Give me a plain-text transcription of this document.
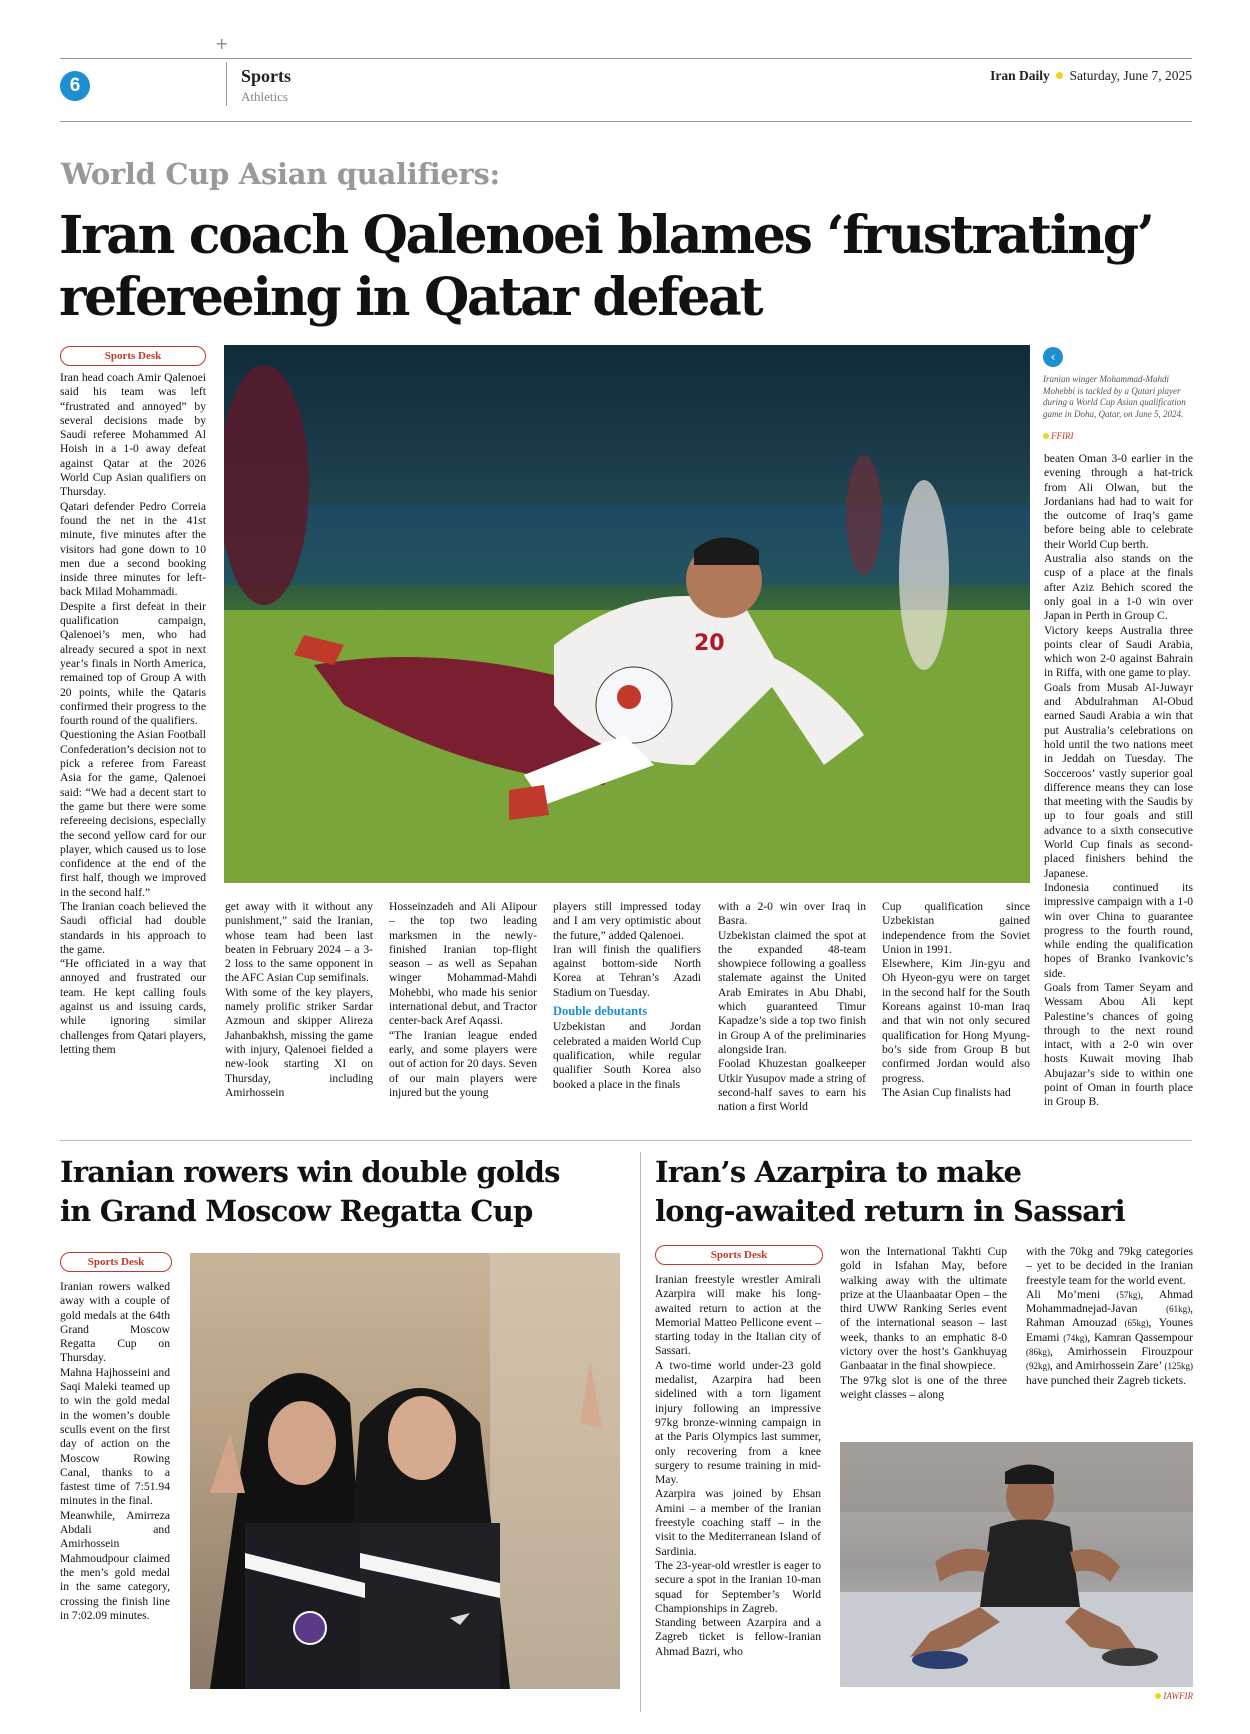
+
6	Sports
Athletics
Iran Daily Saturday, June 7, 2025
World Cup Asian qualifiers:
Iran coach Qalenoei blames ‘frustrating’
refereeing in Qatar defeat
Sports Desk

Iran head coach Amir Qalenoei said his team was left “frustrated and annoyed” by several decisions made by Saudi referee Mohammed Al Hoish in a 1-0 away defeat against Qatar at the 2026 World Cup Asian qualifiers on Thursday.

Qatari defender Pedro Correia found the net in the 41st minute, five minutes after the visitors had gone down to 10 men due a second booking inside three minutes for left-back Milad Mohammadi.

Despite a first defeat in their qualification campaign, Qalenoei’s men, who had already secured a spot in next year’s finals in North America, remained top of Group A with 20 points, while the Qataris confirmed their progress to the fourth round of the qualifiers.

Questioning the Asian Football Confederation’s decision not to pick a referee from Fareast Asia for the game, Qalenoei said: “We had a decent start to the game but there were some refereeing decisions, especially the second yellow card for our player, which caused us to lose confidence at the end of the first half, though we improved in the second half.”

The Iranian coach believed the Saudi official had double standards in his approach to the game.

“He officiated in a way that annoyed and frustrated our team. He kept calling fouls against us and issuing cards, while ignoring similar challenges from Qatari players, letting them

20
‹
Iranian winger Mohammad-Mahdi Mohebbi is tackled by a Qatari player during a World Cup Asian qualification game in Doha, Qatar, on June 5, 2024.
FFIRI

beaten Oman 3-0 earlier in the evening through a hat-trick from Ali Olwan, but the Jordanians had had to wait for the outcome of Iraq’s game before being able to celebrate their World Cup berth.

Australia also stands on the cusp of a place at the finals after Aziz Behich scored the only goal in a 1-0 win over Japan in Perth in Group C.

Victory keeps Australia three points clear of Saudi Arabia, which won 2-0 against Bahrain in Riffa, with one game to play.

Goals from Musab Al-Juwayr and Abdulrahman Al-Obud earned Saudi Arabia a win that put Australia’s celebrations on hold until the two nations meet in Jeddah on Tuesday. The Socceroos’ vastly superior goal difference means they can lose that meeting with the Saudis by up to four goals and still advance to a sixth consecutive World Cup finals as second-placed finishers behind the Japanese.

Indonesia continued its impressive campaign with a 1-0 win over China to guarantee progress to the fourth round, while ending the qualification hopes of Branko Ivankovic’s side.

Goals from Tamer Seyam and Wessam Abou Ali kept Palestine’s chances of going through to the next round intact, with a 2-0 win over hosts Kuwait moving Ihab Abujazar’s side to within one point of Oman in fourth place in Group B.

get away with it without any punishment,” said the Iranian, whose team had been last beaten in February 2024 – a 3-2 loss to the same opponent in the AFC Asian Cup semifinals.

With some of the key players, namely prolific striker Sardar Azmoun and skipper Alireza Jahanbakhsh, missing the game with injury, Qalenoei fielded a new-look starting XI on Thursday, including Amirhossein

Hosseinzadeh and Ali Alipour – the top two leading marksmen in the newly-finished Iranian top-flight season – as well as Sepahan winger Mohammad-Mahdi Mohebbi, who made his senior international debut, and Tractor center-back Aref Aqassi.

“The Iranian league ended early, and some players were out of action for 20 days. Seven of our main players were injured but the young

players still impressed today and I am very optimistic about the future,” added Qalenoei.

Iran will finish the qualifiers against bottom-side North Korea at Tehran’s Azadi Stadium on Tuesday.

Double debutants

Uzbekistan and Jordan celebrated a maiden World Cup qualification, while regular qualifier South Korea also booked a place in the finals

with a 2-0 win over Iraq in Basra.

Uzbekistan claimed the spot at the expanded 48-team showpiece following a goalless stalemate against the United Arab Emirates in Abu Dhabi, which guaranteed Timur Kapadze’s side a top two finish in Group A of the preliminaries alongside Iran.

Foolad Khuzestan goalkeeper Utkir Yusupov made a string of second-half saves to earn his nation a first World

Cup qualification since Uzbekistan gained independence from the Soviet Union in 1991.

Elsewhere, Kim Jin-gyu and Oh Hyeon-gyu were on target in the second half for the South Koreans against 10-man Iraq and that win not only secured qualification for Hong Myung-bo’s side from Group B but confirmed Jordan would also progress.

The Asian Cup finalists had

Iranian rowers win double golds
in Grand Moscow Regatta Cup
Sports Desk

Iranian rowers walked away with a couple of gold medals at the 64th Grand Moscow Regatta Cup on Thursday.

Mahna Hajhosseini and Saqi Maleki teamed up to win the gold medal in the women’s double sculls event on the first day of action on the Moscow Rowing Canal, thanks to a fastest time of 7:51.94 minutes in the final.

Meanwhile, Amirreza Abdali and Amirhossein Mahmoudpour claimed the men’s gold medal in the same category, crossing the finish line in 7:02.09 minutes.

Iran’s Azarpira to make
long-awaited return in Sassari
Sports Desk

Iranian freestyle wrestler Amirali Azarpira will make his long-awaited return to action at the Memorial Matteo Pellicone event – starting today in the Italian city of Sassari.

A two-time world under-23 gold medalist, Azarpira had been sidelined with a torn ligament injury following an impressive 97kg bronze-winning campaign in at the Paris Olympics last summer, only recovering from a knee surgery to resume training in mid-May.

Azarpira was joined by Ehsan Amini – a member of the Iranian freestyle coaching staff – in the visit to the Mediterranean Island of Sardinia.

The 23-year-old wrestler is eager to secure a spot in the Iranian 10-man squad for September’s World Championships in Zagreb.

Standing between Azarpira and a Zagreb ticket is fellow-Iranian Ahmad Bazri, who

won the International Takhti Cup gold in Isfahan May, before walking away with the ultimate prize at the Ulaanbaatar Open – the third UWW Ranking Series event of the international season – last week, thanks to an emphatic 8-0 victory over the host’s Gankhuyag Ganbaatar in the final showpiece.

The 97kg slot is one of the three weight classes – along

with the 70kg and 79kg categories – yet to be decided in the Iranian freestyle team for the world event.

Ali Mo’meni (57kg), Ahmad Mohammadnejad-Javan	(61kg), Rahman Amouzad (65kg), Younes Emami (74kg), Kamran Qassempour (86kg), Amirhossein Firouzpour (92kg), and Amirhossein Zare’ (125kg) have punched their Zagreb tickets.

IAWFIR
